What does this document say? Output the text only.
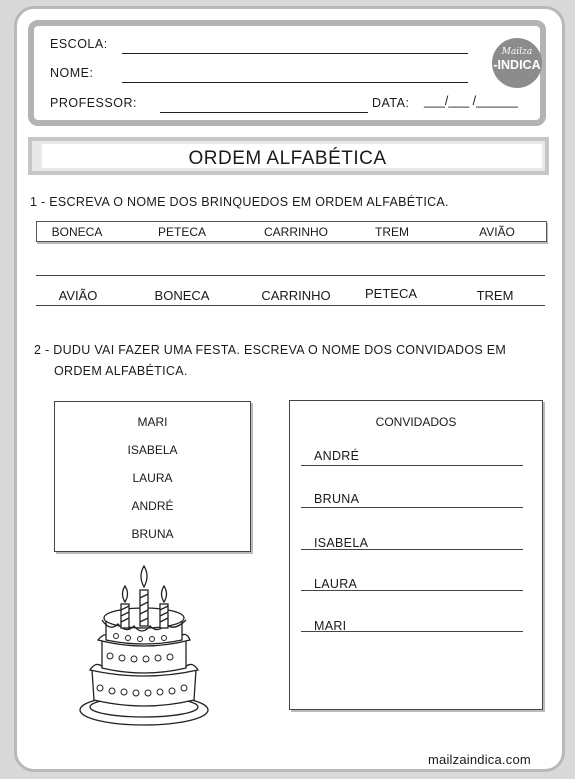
ESCOLA:
NOME:
PROFESSOR:	DATA: ___/___ /______
Mailza
-INDICA
ORDEM ALFABÉTICA
1 - ESCREVA O NOME DOS BRINQUEDOS EM ORDEM ALFABÉTICA.
BONECA	PETECA	CARRINHO	TREM	AVIÃO
AVIÃO	BONECA	CARRINHO	PETECA	TREM
2 - DUDU VAI FAZER UMA FESTA. ESCREVA O NOME DOS CONVIDADOS EM
ORDEM ALFABÉTICA.
MARI
ISABELA
LAURA
ANDRÉ
BRUNA
CONVIDADOS
ANDRÉ
BRUNA
ISABELA
LAURA
MARI
mailzaindica.com
